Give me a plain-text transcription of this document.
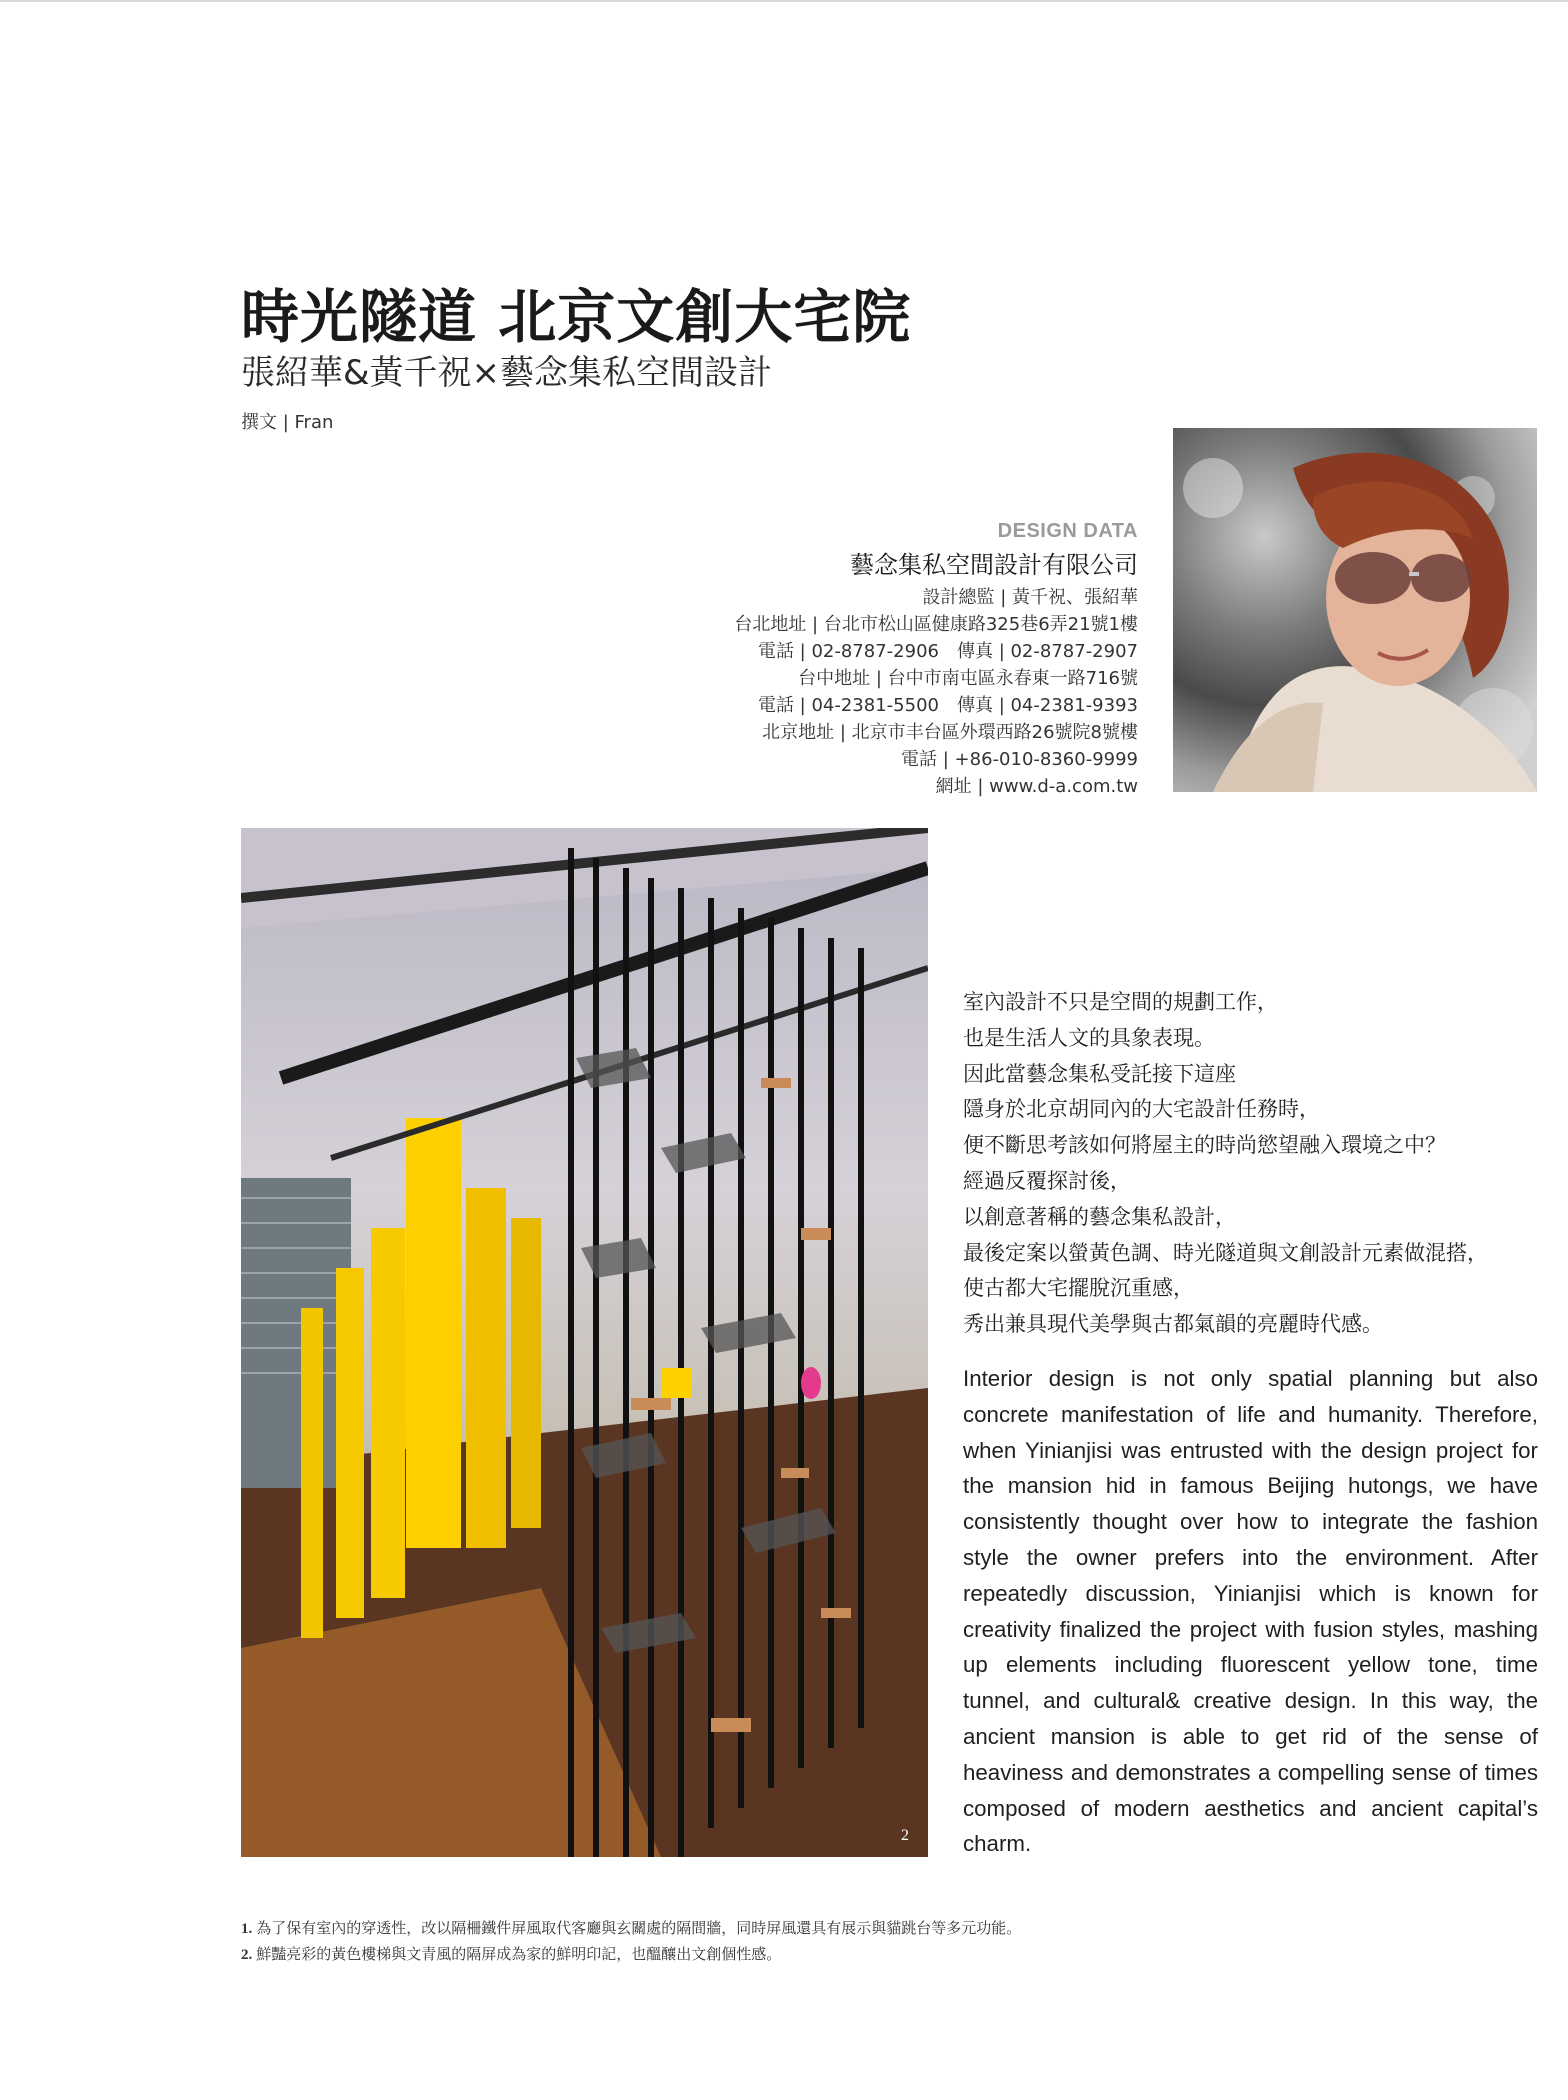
時光隧道 北京文創大宅院
張紹華&黃千祝×藝念集私空間設計
撰文 | Fran
DESIGN DATA
藝念集私空間設計有限公司
設計總監 | 黃千祝、張紹華
台北地址 | 台北市松山區健康路325巷6弄21號1樓
電話 | 02-8787-2906　傳真 | 02-8787-2907
台中地址 | 台中市南屯區永春東一路716號
電話 | 04-2381-5500　傳真 | 04-2381-9393
北京地址 | 北京市丰台區外環西路26號院8號樓
電話 | +86-010-8360-9999
網址 | www.d-a.com.tw
2
室內設計不只是空間的規劃工作，
也是生活人文的具象表現。
因此當藝念集私受託接下這座
隱身於北京胡同內的大宅設計任務時，
便不斷思考該如何將屋主的時尚慾望融入環境之中？
經過反覆探討後，
以創意著稱的藝念集私設計，
最後定案以螢黃色調、時光隧道與文創設計元素做混搭，
使古都大宅擺脫沉重感，
秀出兼具現代美學與古都氣韻的亮麗時代感。
Interior design is not only spatial planning but also concrete manifestation of life and humanity. Therefore, when Yinianjisi was entrusted with the design project for the mansion hid in famous Beijing hutongs, we have consistently thought over how to integrate the fashion style the owner prefers into the environment. After repeatedly discussion, Yinianjisi which is known for creativity finalized the project with fusion styles, mashing up elements including fluorescent yellow tone, time tunnel, and cultural& creative design. In this way, the ancient mansion is able to get rid of the sense of heaviness and demonstrates a compelling sense of times composed of modern aesthetics and ancient capital’s charm.
1. 為了保有室內的穿透性，改以隔柵鐵件屏風取代客廳與玄關處的隔間牆，同時屏風還具有展示與貓跳台等多元功能。
2. 鮮豔亮彩的黃色樓梯與文青風的隔屏成為家的鮮明印記，也醞釀出文創個性感。
